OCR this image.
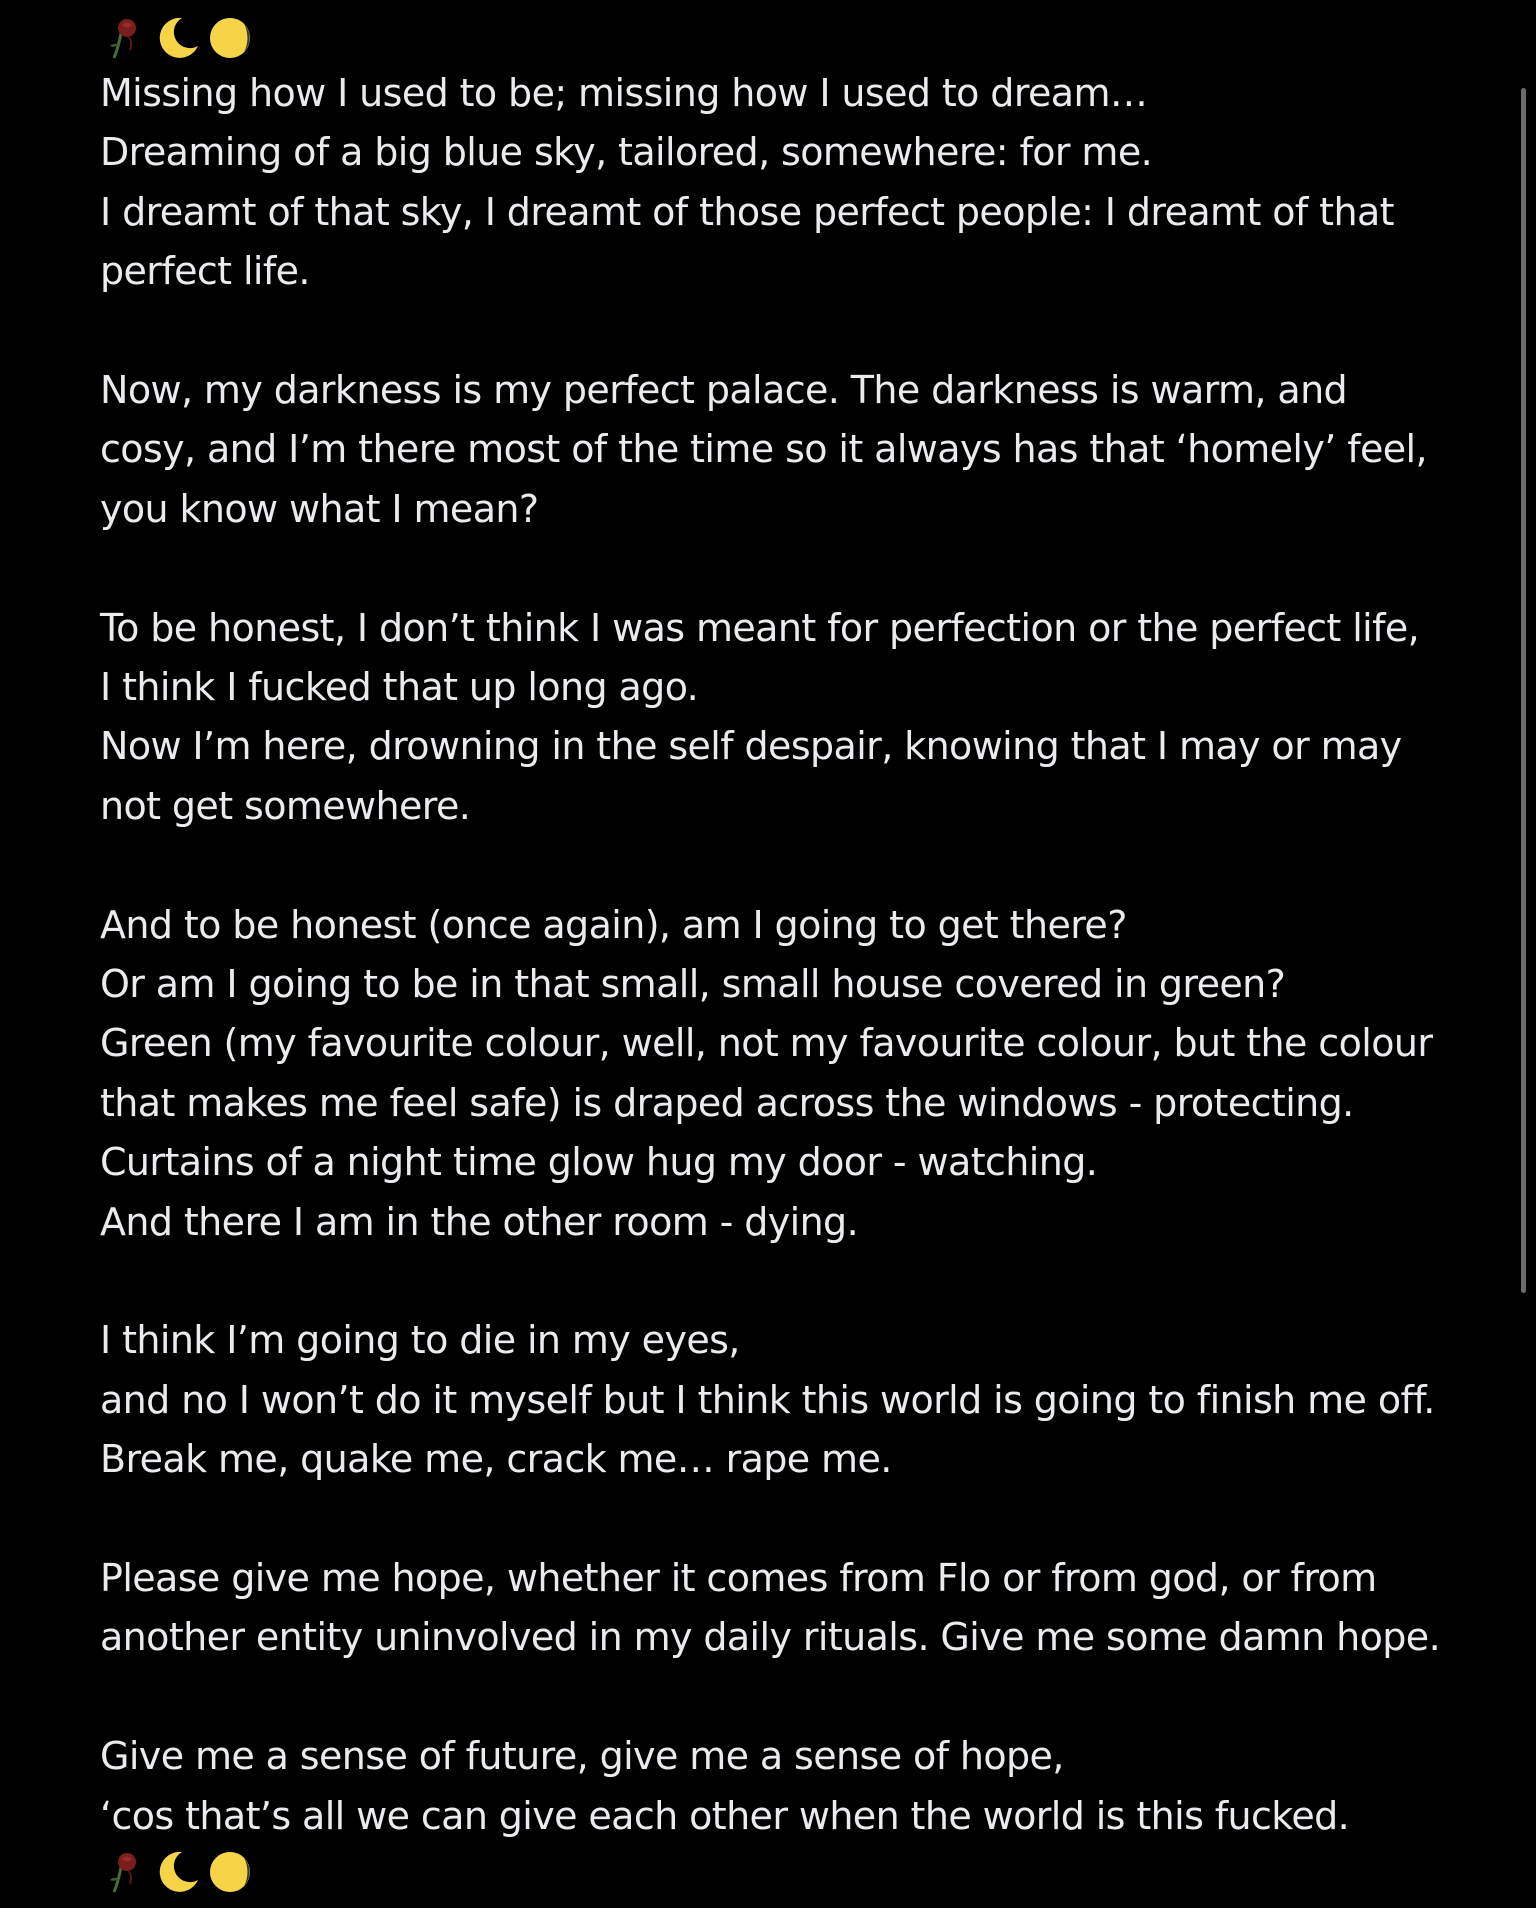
Missing how I used to be; missing how I used to dream…
Dreaming of a big blue sky, tailored, somewhere: for me.
I dreamt of that sky, I dreamt of those perfect people: I dreamt of that
perfect life.
Now, my darkness is my perfect palace. The darkness is warm, and
cosy, and I’m there most of the time so it always has that ‘homely’ feel,
you know what I mean?
To be honest, I don’t think I was meant for perfection or the perfect life,
I think I fucked that up long ago.
Now I’m here, drowning in the self despair, knowing that I may or may
not get somewhere.
And to be honest (once again), am I going to get there?
Or am I going to be in that small, small house covered in green?
Green (my favourite colour, well, not my favourite colour, but the colour
that makes me feel safe) is draped across the windows - protecting.
Curtains of a night time glow hug my door - watching.
And there I am in the other room - dying.
I think I’m going to die in my eyes,
and no I won’t do it myself but I think this world is going to finish me off.
Break me, quake me, crack me… rape me.
Please give me hope, whether it comes from Flo or from god, or from
another entity uninvolved in my daily rituals. Give me some damn hope.
Give me a sense of future, give me a sense of hope,
‘cos that’s all we can give each other when the world is this fucked.
